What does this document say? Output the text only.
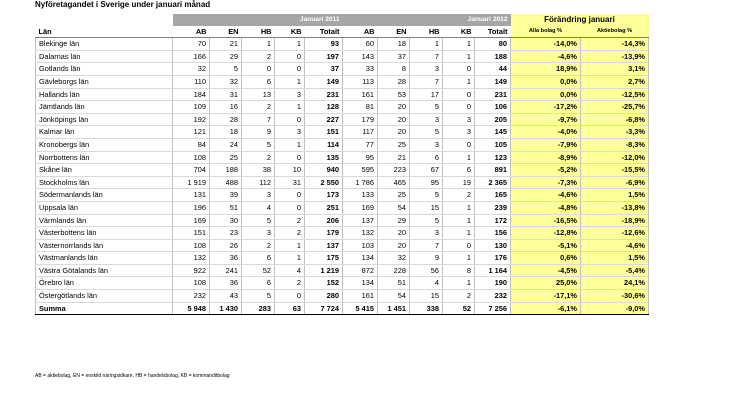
Nyföretagandet i Sverige under januari månad
	Januari 2011					Januari 2012					Förändring januari	
Län	AB	EN	HB	KB	Totalt	AB	EN	HB	KB	Totalt	Alla bolag %	Aktiebolag %
Blekinge län	70	21	1	1	93	60	18	1	1	80	-14,0%	-14,3%
Dalarnas län	166	29	2	0	197	143	37	7	1	188	-4,6%	-13,9%
Gotlands län	32	5	0	0	37	33	8	3	0	44	18,9%	3,1%
Gävleborgs län	110	32	6	1	149	113	28	7	1	149	0,0%	2,7%
Hallands län	184	31	13	3	231	161	53	17	0	231	0,0%	-12,5%
Jämtlands län	109	16	2	1	128	81	20	5	0	106	-17,2%	-25,7%
Jönköpings län	192	28	7	0	227	179	20	3	3	205	-9,7%	-6,8%
Kalmar län	121	18	9	3	151	117	20	5	3	145	-4,0%	-3,3%
Kronobergs län	84	24	5	1	114	77	25	3	0	105	-7,9%	-8,3%
Norrbottens län	108	25	2	0	135	95	21	6	1	123	-8,9%	-12,0%
Skåne län	704	188	38	10	940	595	223	67	6	891	-5,2%	-15,5%
Stockholms län	1 919	488	112	31	2 550	1 786	465	95	19	2 365	-7,3%	-6,9%
Södermanlands län	131	39	3	0	173	133	25	5	2	165	-4,6%	1,5%
Uppsala län	196	51	4	0	251	169	54	15	1	239	-4,8%	-13,8%
Värmlands län	169	30	5	2	206	137	29	5	1	172	-16,5%	-18,9%
Västerbottens län	151	23	3	2	179	132	20	3	1	156	-12,8%	-12,6%
Västernorrlands län	108	26	2	1	137	103	20	7	0	130	-5,1%	-4,6%
Västmanlands län	132	36	6	1	175	134	32	9	1	176	0,6%	1,5%
Västra Götalands län	922	241	52	4	1 219	872	228	56	8	1 164	-4,5%	-5,4%
Örebro län	108	36	6	2	152	134	51	4	1	190	25,0%	24,1%
Östergötlands län	232	43	5	0	280	161	54	15	2	232	-17,1%	-30,6%
Summa	5 948	1 430	283	63	7 724	5 415	1 451	338	52	7 256	-6,1%	-9,0%
AB = aktiebolag, EN = enskild näringsidkare, HB = handelsbolag, KB = kommanditbolag
